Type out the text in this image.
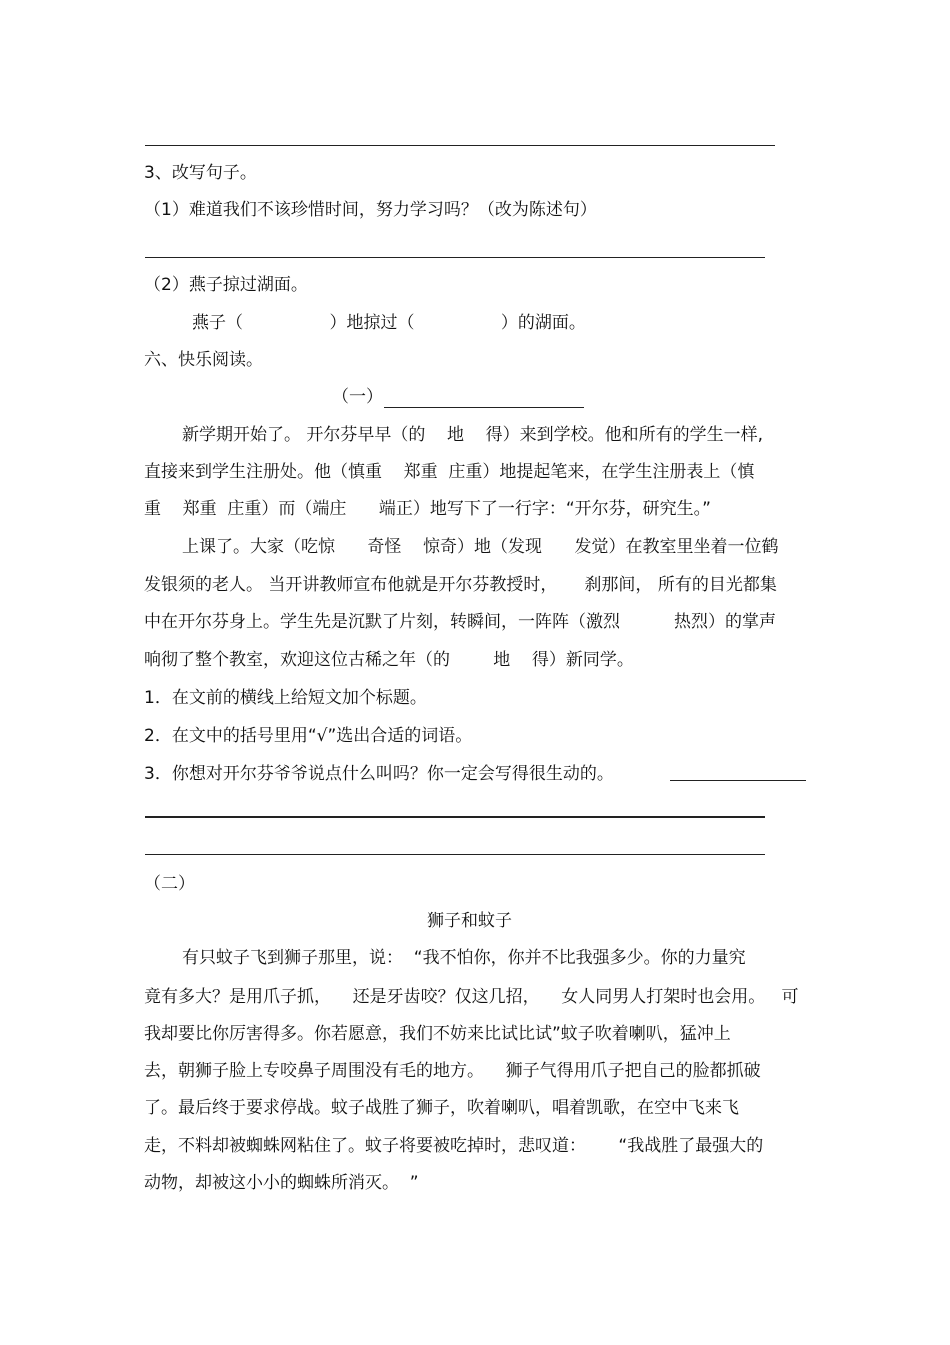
3、改写句子。
（1）难道我们不该珍惜时间，努力学习吗？（改为陈述句）
（2）燕子掠过湖面。
燕子（                ）地掠过（                ）的湖面。
六、快乐阅读。
（一）
新学期开始了。 开尔芬早早（的    地    得）来到学校。他和所有的学生一样,
直接来到学生注册处。他（慎重    郑重  庄重）地提起笔来，在学生注册表上（慎
重    郑重  庄重）而（端庄      端正）地写下了一行字：“开尔芬，研究生。”
上课了。大家（吃惊      奇怪    惊奇）地（发现      发觉）在教室里坐着一位鹤
发银须的老人。 当开讲教师宣布他就是开尔芬教授时，     刹那间， 所有的目光都集
中在开尔芬身上。学生先是沉默了片刻，转瞬间，一阵阵（激烈          热烈）的掌声
响彻了整个教室，欢迎这位古稀之年（的        地    得）新同学。
1．在文前的横线上给短文加个标题。
2．在文中的括号里用“√”选出合适的词语。
3．你想对开尔芬爷爷说点什么叫吗？你一定会写得很生动的。
（二）
狮子和蚊子
有只蚊子飞到狮子那里，说：  “我不怕你，你并不比我强多少。你的力量究
竟有多大？是用爪子抓，    还是牙齿咬？仅这几招，    女人同男人打架时也会用。   可
我却要比你厉害得多。你若愿意，我们不妨来比试比试”蚊子吹着喇叭，猛冲上
去，朝狮子脸上专咬鼻子周围没有毛的地方。    狮子气得用爪子把自己的脸都抓破
了。最后终于要求停战。蚊子战胜了狮子，吹着喇叭，唱着凯歌，在空中飞来飞
走，不料却被蜘蛛网粘住了。蚊子将要被吃掉时，悲叹道：      “我战胜了最强大的
动物，却被这小小的蜘蛛所消灭。  ”
